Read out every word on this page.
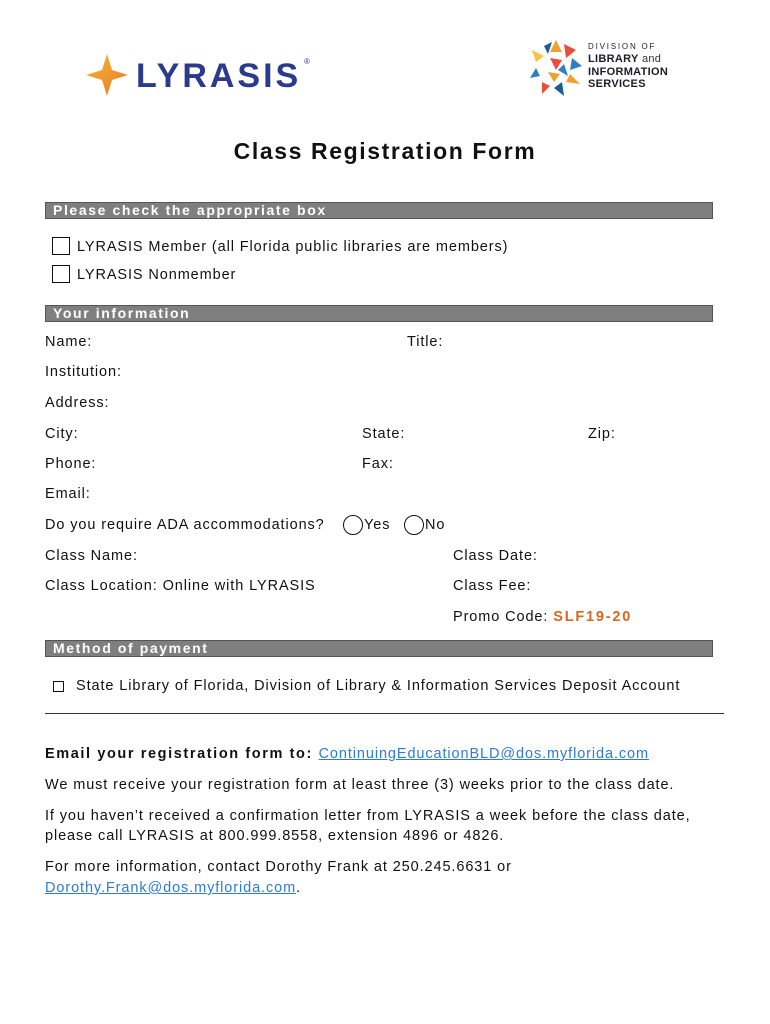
LYRASIS ®
DIVISION OF
LIBRARY and
INFORMATION
SERVICES
Class Registration Form
Please check the appropriate box
LYRASIS Member (all Florida public libraries are members)
LYRASIS Nonmember
Your information
Name:	Title:
Institution:
Address:
City:	State:	Zip:
Phone:	Fax:
Email:
Do you require ADA accommodations?	Yes No
Class Name:	Class Date:
Class Location: Online with LYRASIS	Class Fee:
Promo Code: SLF19-20
Method of payment
State Library of Florida, Division of Library & Information Services Deposit Account
Email your registration form to: ContinuingEducationBLD@dos.myflorida.com
We must receive your registration form at least three (3) weeks prior to the class date.
If you haven’t received a confirmation letter from LYRASIS a week before the class date,
please call LYRASIS at 800.999.8558, extension 4896 or 4826.
For more information, contact Dorothy Frank at 250.245.6631 or
Dorothy.Frank@dos.myflorida.com.
